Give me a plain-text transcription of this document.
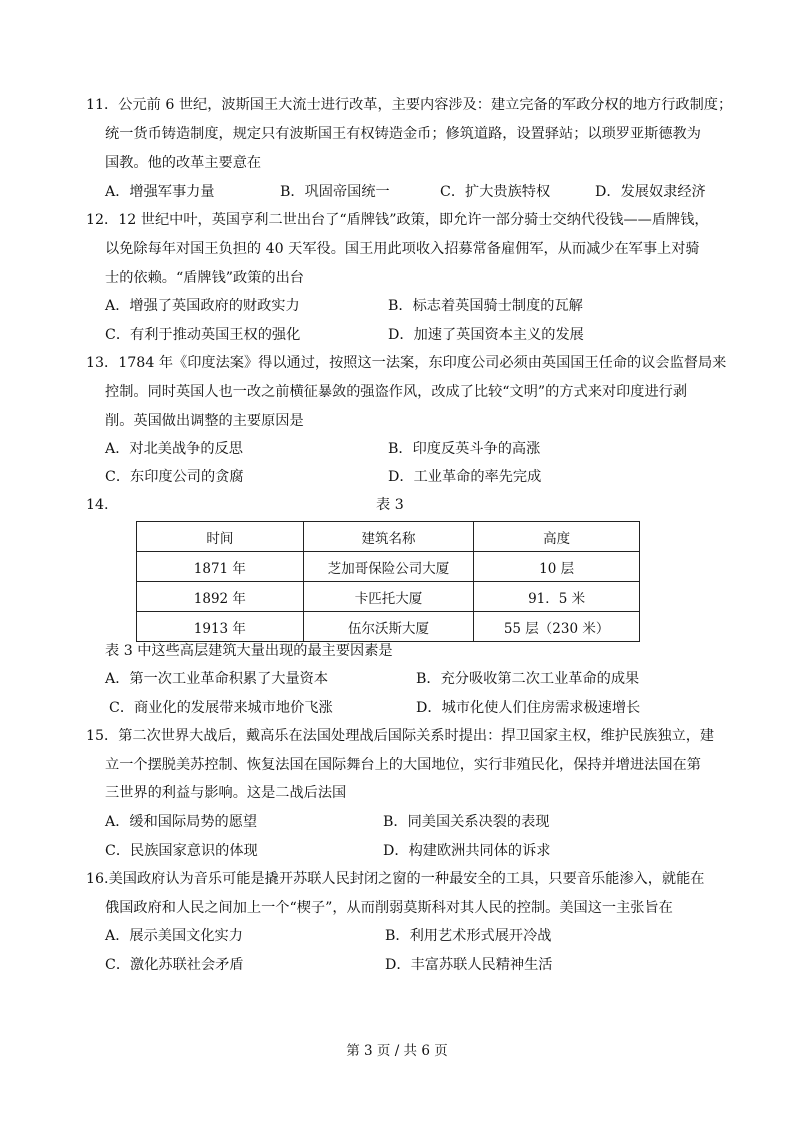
11．公元前 6 世纪，波斯国王大流士进行改革，主要内容涉及：建立完备的军政分权的地方行政制度；
统一货币铸造制度，规定只有波斯国王有权铸造金币；修筑道路，设置驿站；以琐罗亚斯德教为
国教。他的改革主要意在
A．增强军事力量	B．巩固帝国统一	C．扩大贵族特权	D．发展奴隶经济
12．12 世纪中叶，英国亨利二世出台了“盾牌钱”政策，即允许一部分骑士交纳代役钱——盾牌钱，
以免除每年对国王负担的 40 天军役。国王用此项收入招募常备雇佣军，从而减少在军事上对骑
士的依赖。“盾牌钱”政策的出台
A．增强了英国政府的财政实力	B．标志着英国骑士制度的瓦解
C．有利于推动英国王权的强化	D．加速了英国资本主义的发展
13．1784 年《印度法案》得以通过，按照这一法案，东印度公司必须由英国国王任命的议会监督局来
控制。同时英国人也一改之前横征暴敛的强盗作风，改成了比较“文明”的方式来对印度进行剥
削。英国做出调整的主要原因是
A．对北美战争的反思	B．印度反英斗争的高涨
C．东印度公司的贪腐	D．工业革命的率先完成
14.	表 3
时间	建筑名称	高度
1871 年	芝加哥保险公司大厦	10 层
1892 年	卡匹托大厦	91．5 米
1913 年	伍尔沃斯大厦	55 层（230 米）
表 3 中这些高层建筑大量出现的最主要因素是
A．第一次工业革命积累了大量资本	B．充分吸收第二次工业革命的成果
C．商业化的发展带来城市地价飞涨	D．城市化使人们住房需求极速增长
15．第二次世界大战后，戴高乐在法国处理战后国际关系时提出：捍卫国家主权，维护民族独立，建
立一个摆脱美苏控制、恢复法国在国际舞台上的大国地位，实行非殖民化，保持并增进法国在第
三世界的利益与影响。这是二战后法国
A．缓和国际局势的愿望	B．同美国关系决裂的表现
C．民族国家意识的体现	D．构建欧洲共同体的诉求
16.美国政府认为音乐可能是撬开苏联人民封闭之窗的一种最安全的工具，只要音乐能渗入，就能在
俄国政府和人民之间加上一个“楔子”，从而削弱莫斯科对其人民的控制。美国这一主张旨在
A．展示美国文化实力	B．利用艺术形式展开冷战
C．激化苏联社会矛盾	D．丰富苏联人民精神生活
第 3 页 / 共 6 页
